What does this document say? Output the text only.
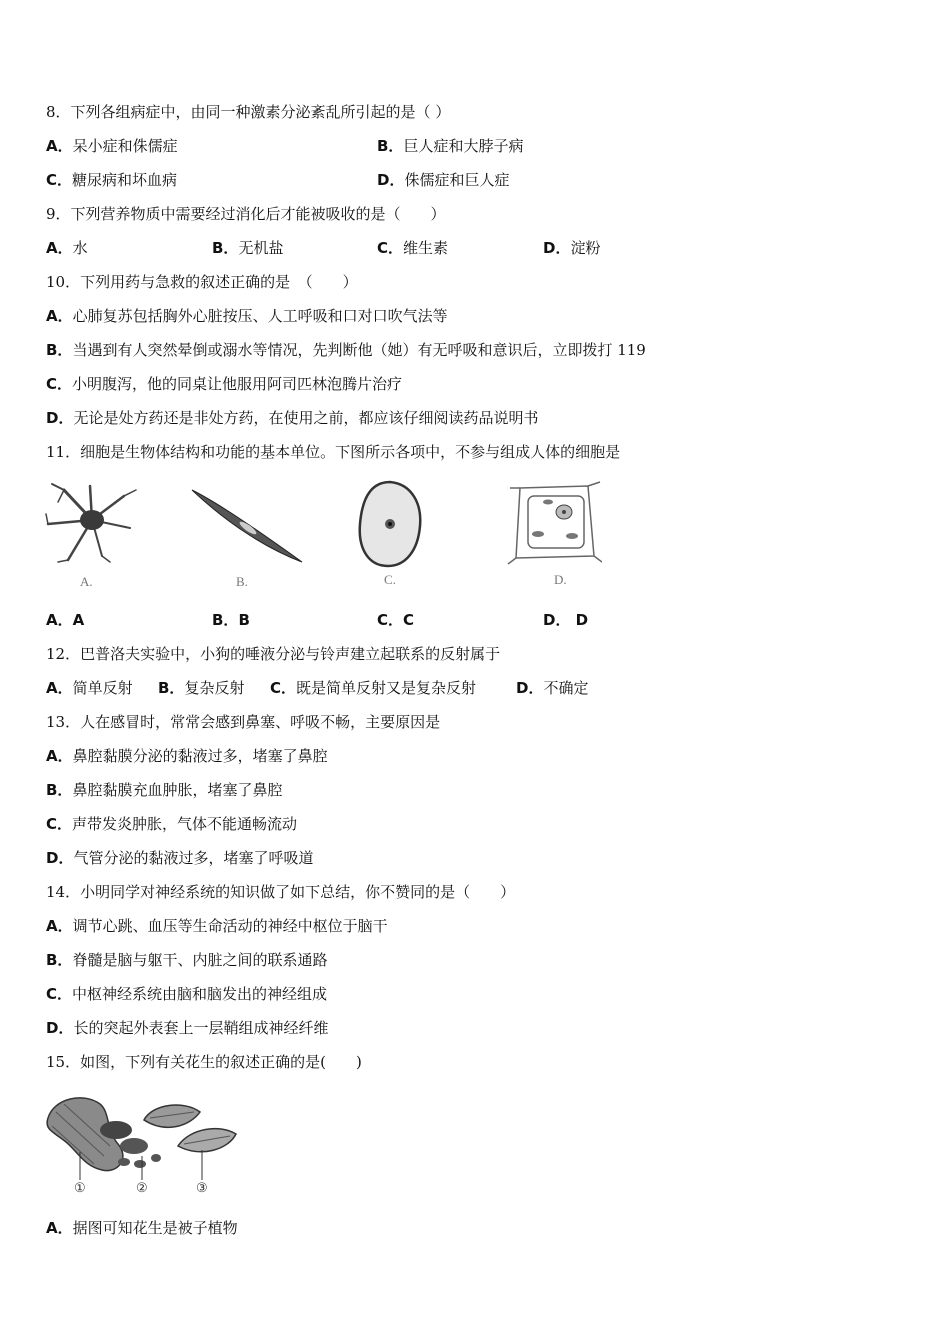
8．下列各组病症中，由同一种激素分泌紊乱所引起的是（ ）
A．呆小症和侏儒症	B．巨人症和大脖子病
C．糖尿病和坏血病	D．侏儒症和巨人症
9．下列营养物质中需要经过消化后才能被吸收的是（　　）
A．水	B．无机盐	C．维生素	D．淀粉
10．下列用药与急救的叙述正确的是　（　　）
A．心肺复苏包括胸外心脏按压、人工呼吸和口对口吹气法等
B．当遇到有人突然晕倒或溺水等情况，先判断他（她）有无呼吸和意识后，立即拨打 119
C．小明腹泻，他的同桌让他服用阿司匹林泡腾片治疗
D．无论是处方药还是非处方药，在使用之前，都应该仔细阅读药品说明书
11．细胞是生物体结构和功能的基本单位。下图所示各项中，不参与组成人体的细胞是
A.	B.	C.	D.
A．A	B．B	C．C	D． D
12．巴普洛夫实验中，小狗的唾液分泌与铃声建立起联系的反射属于
A．简单反射 B．复杂反射 C．既是简单反射又是复杂反射	D．不确定
13．人在感冒时，常常会感到鼻塞、呼吸不畅，主要原因是
A．鼻腔黏膜分泌的黏液过多，堵塞了鼻腔
B．鼻腔黏膜充血肿胀，堵塞了鼻腔
C．声带发炎肿胀，气体不能通畅流动
D．气管分泌的黏液过多，堵塞了呼吸道
14．小明同学对神经系统的知识做了如下总结，你不赞同的是（　　）
A．调节心跳、血压等生命活动的神经中枢位于脑干
B．脊髓是脑与躯干、内脏之间的联系通路
C．中枢神经系统由脑和脑发出的神经组成
D．长的突起外表套上一层鞘组成神经纤维
15．如图，下列有关花生的叙述正确的是(　　)
①	②	③
A．据图可知花生是被子植物
